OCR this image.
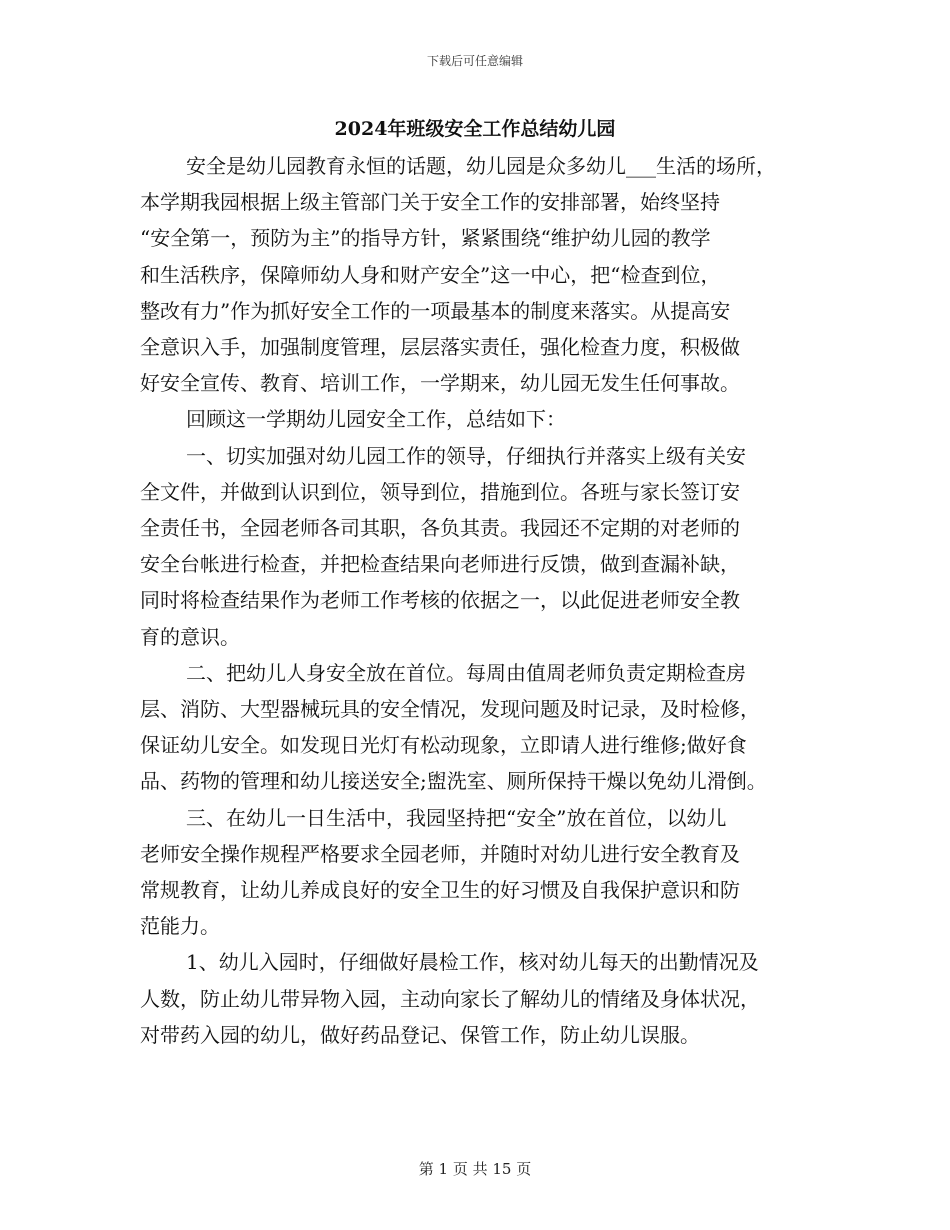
下载后可任意编辑
2024年班级安全工作总结幼儿园

安全是幼儿园教育永恒的话题，幼儿园是众多幼儿___生活的场所，
本学期我园根据上级主管部门关于安全工作的安排部署，始终坚持
“安全第一，预防为主”的指导方针，紧紧围绕“维护幼儿园的教学
和生活秩序，保障师幼人身和财产安全”这一中心，把“检查到位，
整改有力”作为抓好安全工作的一项最基本的制度来落实。从提高安
全意识入手，加强制度管理，层层落实责任，强化检查力度，积极做
好安全宣传、教育、培训工作，一学期来，幼儿园无发生任何事故。

回顾这一学期幼儿园安全工作，总结如下：

一、切实加强对幼儿园工作的领导，仔细执行并落实上级有关安
全文件，并做到认识到位，领导到位，措施到位。各班与家长签订安
全责任书，全园老师各司其职，各负其责。我园还不定期的对老师的
安全台帐进行检查，并把检查结果向老师进行反馈，做到查漏补缺，
同时将检查结果作为老师工作考核的依据之一，以此促进老师安全教
育的意识。

二、把幼儿人身安全放在首位。每周由值周老师负责定期检查房
层、消防、大型器械玩具的安全情况，发现问题及时记录，及时检修，
保证幼儿安全。如发现日光灯有松动现象，立即请人进行维修;做好食
品、药物的管理和幼儿接送安全;盥洗室、厕所保持干燥以免幼儿滑倒。

三、在幼儿一日生活中，我园坚持把“安全”放在首位，以幼儿
老师安全操作规程严格要求全园老师，并随时对幼儿进行安全教育及
常规教育，让幼儿养成良好的安全卫生的好习惯及自我保护意识和防
范能力。

1、幼儿入园时，仔细做好晨检工作，核对幼儿每天的出勤情况及
人数，防止幼儿带异物入园，主动向家长了解幼儿的情绪及身体状况，
对带药入园的幼儿，做好药品登记、保管工作，防止幼儿误服。

第 1 页 共 15 页
